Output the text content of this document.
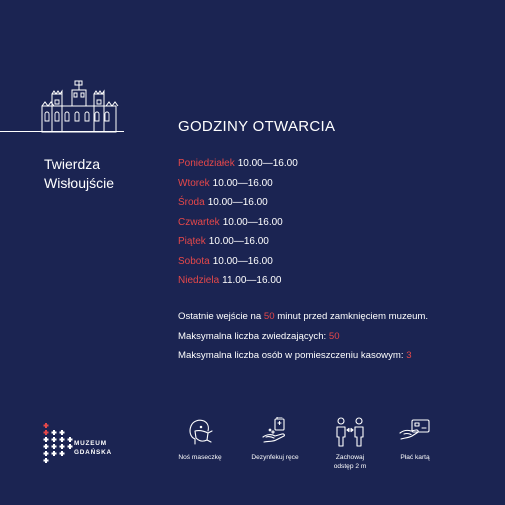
Twierdza
Wisłoujście

GODZINY OTWARCIA
Poniedziałek 10.00—16.00
Wtorek 10.00—16.00
Środa 10.00—16.00
Czwartek 10.00—16.00
Piątek 10.00—16.00
Sobota 10.00—16.00
Niedziela 11.00—16.00
Ostatnie wejście na 50 minut przed zamknięciem muzeum.
Maksymalna liczba zwiedzających: 50
Maksymalna liczba osób w pomieszczeniu kasowym: 3

MUZEUM
GDAŃSKA

Noś maseczkę	Dezynfekuj ręce	Zachowaj
odstęp 2 m
Płać kartą
